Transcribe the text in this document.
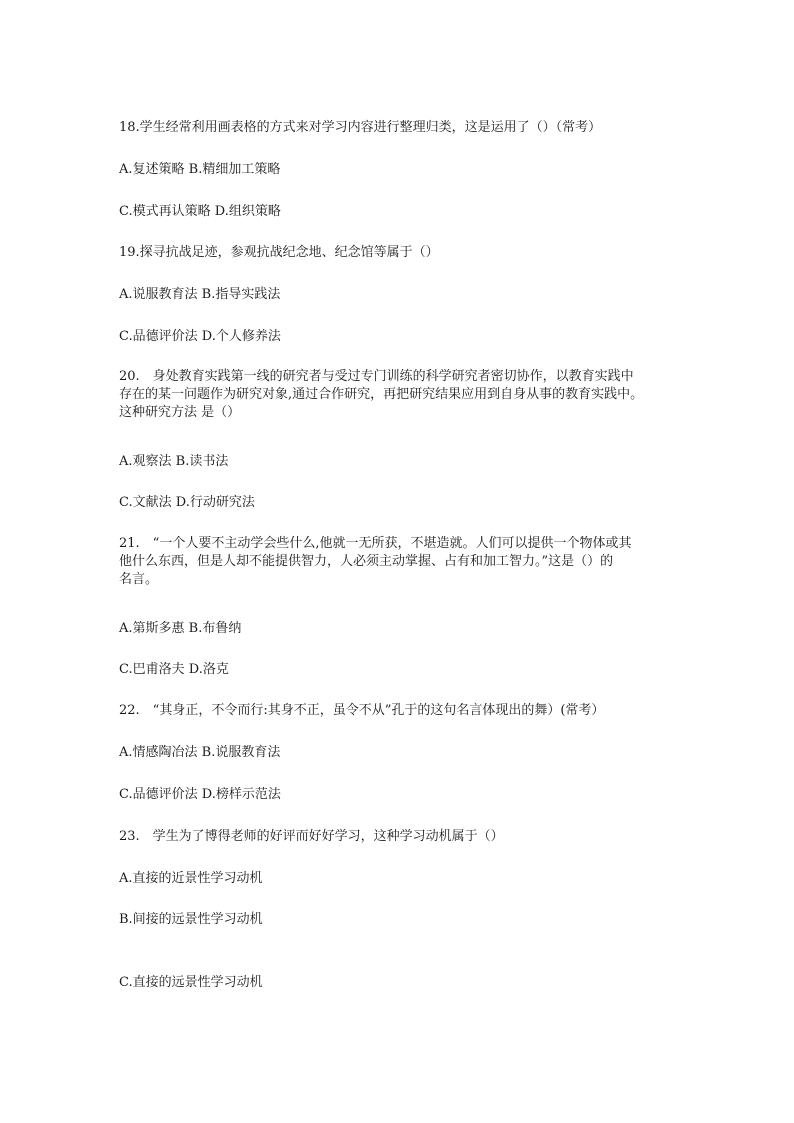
18.学生经常利用画表格的方式来对学习内容进行整理归类，这是运用了（）（常考）
A.复述策略 B.精细加工策略
C.模式再认策略 D.组织策略
19.探寻抗战足迹，参观抗战纪念地、纪念馆等属于（）
A.说服教育法 B.指导实践法
C.品德评价法 D.个人修养法
20.　身处教育实践第一线的研究者与受过专门训练的科学研究者密切协作，以教育实践中
存在的某一问题作为研究对象,通过合作研究，再把研究结果应用到自身从事的教育实践中。
这种研究方法 是（）
A.观察法 B.读书法
C.文献法 D.行动研究法
21.　“一个人要不主动学会些什么,他就一无所获，不堪造就。人们可以提供一个物体或其
他什么东西，但是人却不能提供智力，人必须主动掌握、占有和加工智力。”这是（）的
名言。
A.第斯多惠 B.布鲁纳
C.巴甫洛夫 D.洛克
22.　“其身正，不令而行:其身不正，虽令不从”孔于的这句名言体现出的舞）(常考）
A.情感陶冶法 B.说服教育法
C.品德评价法 D.榜样示范法
23.　学生为了博得老师的好评而好好学习，这种学习动机属于（）
A.直接的近景性学习动机
B.间接的远景性学习动机
C.直接的远景性学习动机
